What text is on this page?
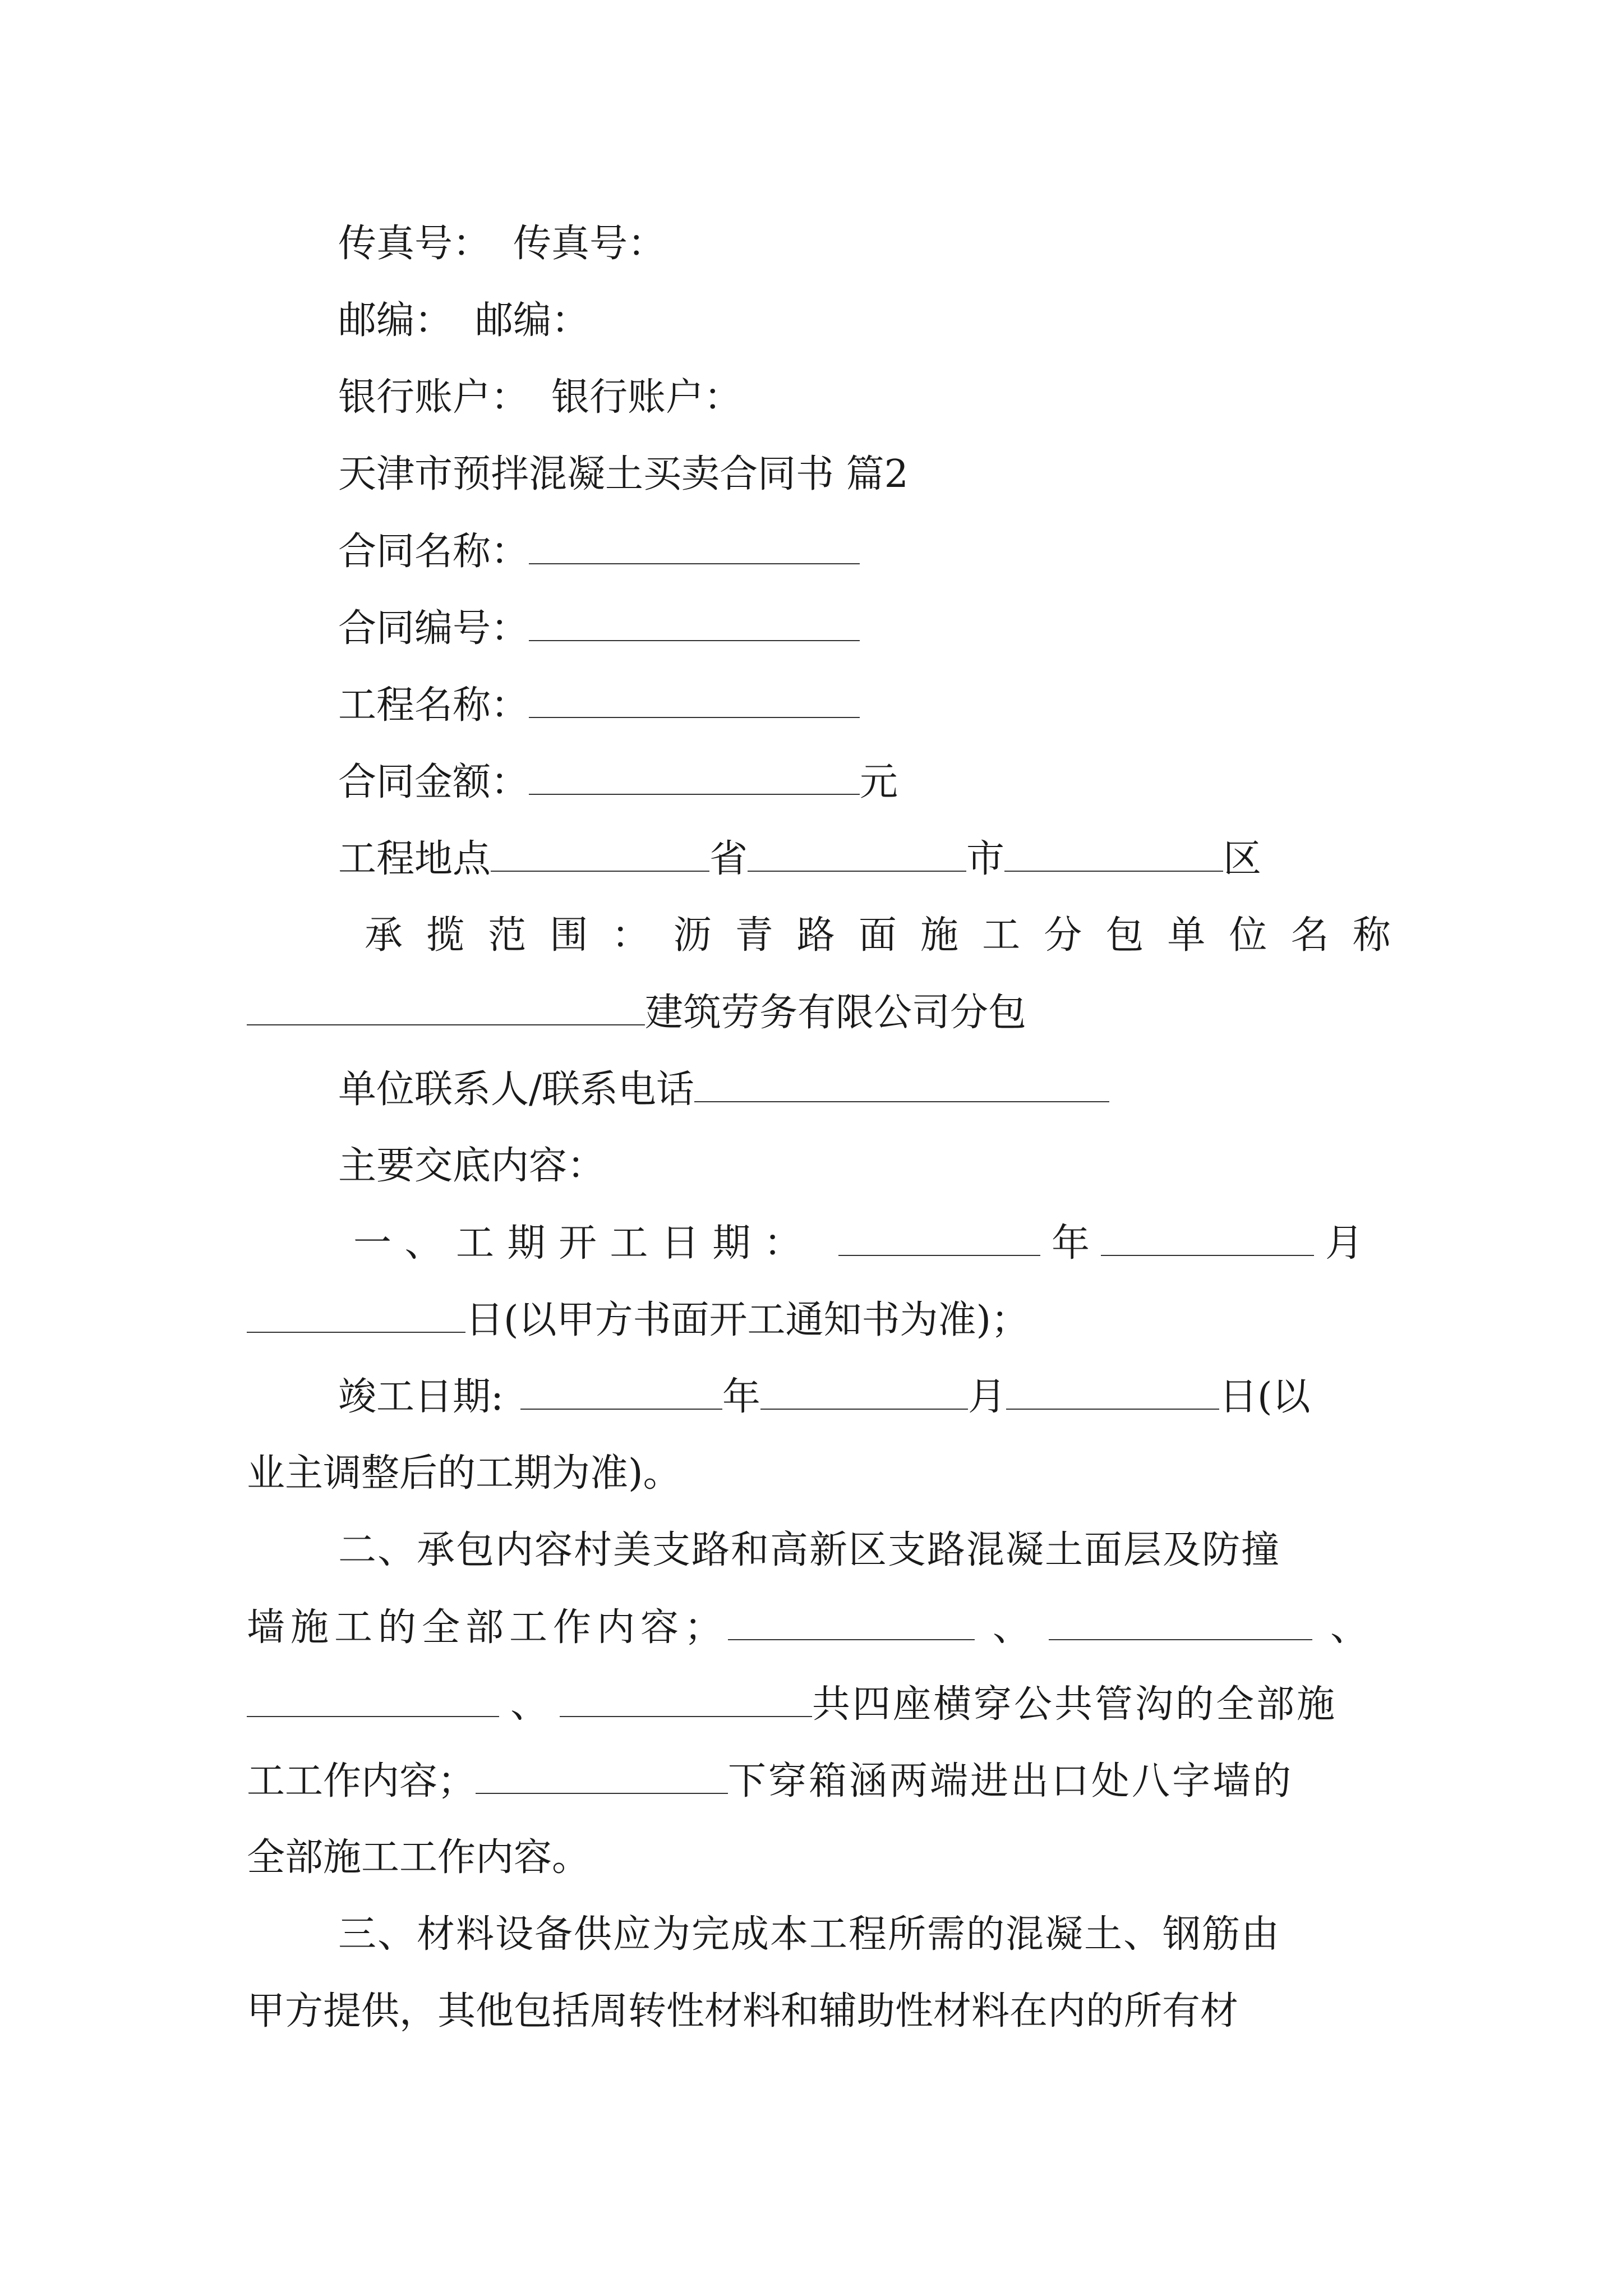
传真号： 传真号：
邮编： 邮编：
银行账户： 银行账户：
天津市预拌混凝土买卖合同书 篇2
合同名称：
合同编号：
工程名称：
合同金额：	元
工程地点	省	市	区
承 揽 范 围 ： 沥 青 路 面 施 工 分 包 单 位 名 称
建筑劳务有限公司分包
单位联系人/联系电话
主要交底内容：
一 、 工 期 开 工 日 期 ：	年	月
日(以甲方书面开工通知书为准)；
竣工日期:	年	月	日(以
业主调整后的工期为准)。
二、承包内容村美支路和高新区支路混凝土面层及防撞
墙施工的全部工作内容；	、	、
、	共四座横穿公共管沟的全部施
工工作内容；	下穿箱涵两端进出口处八字墙的
全部施工工作内容。
三、材料设备供应为完成本工程所需的混凝土、钢筋由
甲方提供，其他包括周转性材料和辅助性材料在内的所有材
